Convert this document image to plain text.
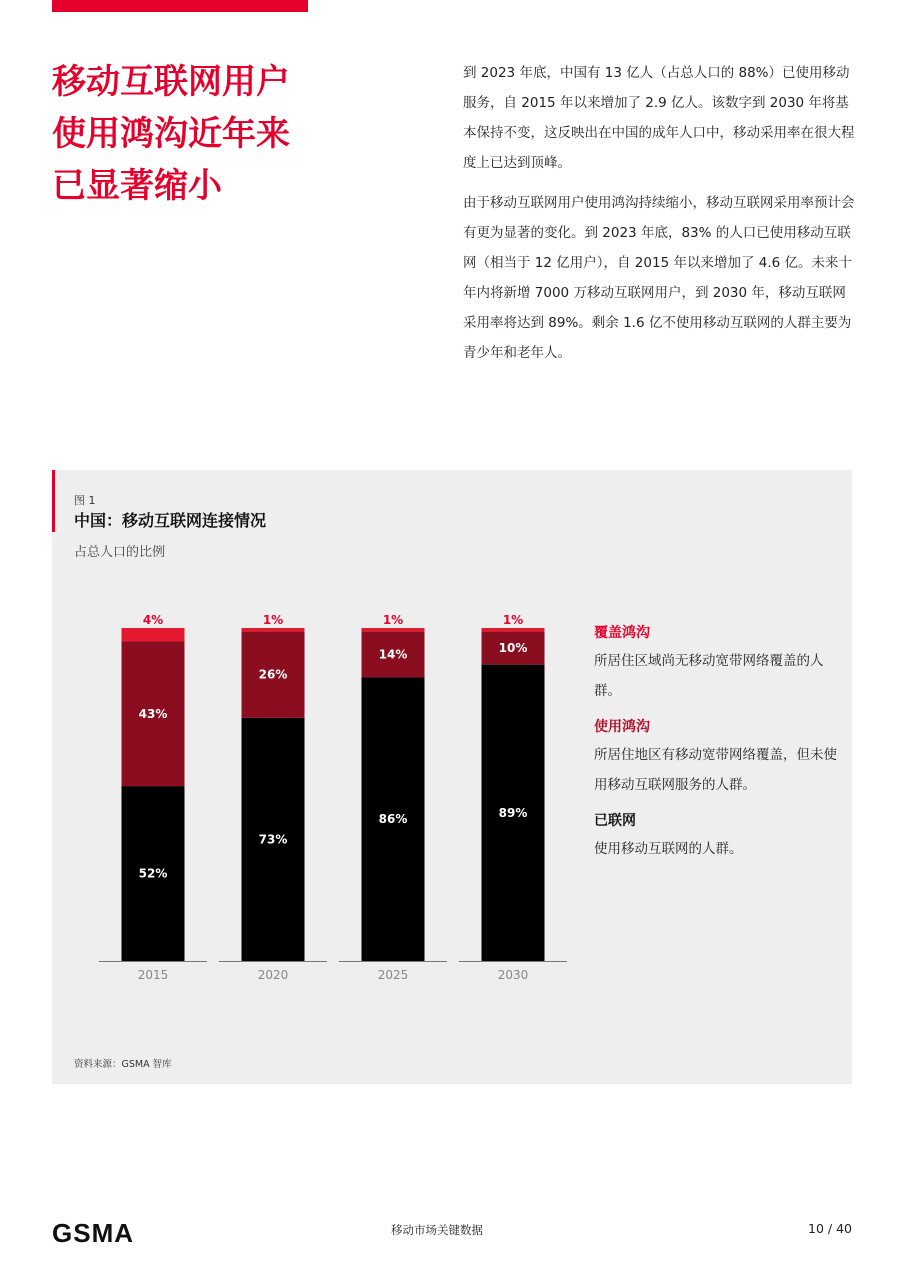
移动互联网用户
使用鸿沟近年来
已显著缩小

到 2023 年底，中国有 13 亿人（占总人口的 88%）已使用移动服务，自 2015 年以来增加了 2.9 亿人。该数字到 2030 年将基本保持不变，这反映出在中国的成年人口中，移动采用率在很大程度上已达到顶峰。

由于移动互联网用户使用鸿沟持续缩小，移动互联网采用率预计会有更为显著的变化。到 2023 年底，83% 的人口已使用移动互联网（相当于 12 亿用户），自 2015 年以来增加了 4.6 亿。未来十年内将新增 7000 万移动互联网用户，到 2030 年，移动互联网采用率将达到 89%。剩余 1.6 亿不使用移动互联网的人群主要为青少年和老年人。

图 1
中国：移动互联网连接情况
占总人口的比例
52%
43%
4%
2015
73%
26%
1%
2020
86%
14%
1%
2025
89%
10%
1%
2030
覆盖鸿沟
所居住区域尚无移动宽带网络覆盖的人群。
使用鸿沟
所居住地区有移动宽带网络覆盖，但未使用移动互联网服务的人群。
已联网
使用移动互联网的人群。
资料来源：GSMA 智库
GSMA	移动市场关键数据	10 / 40
